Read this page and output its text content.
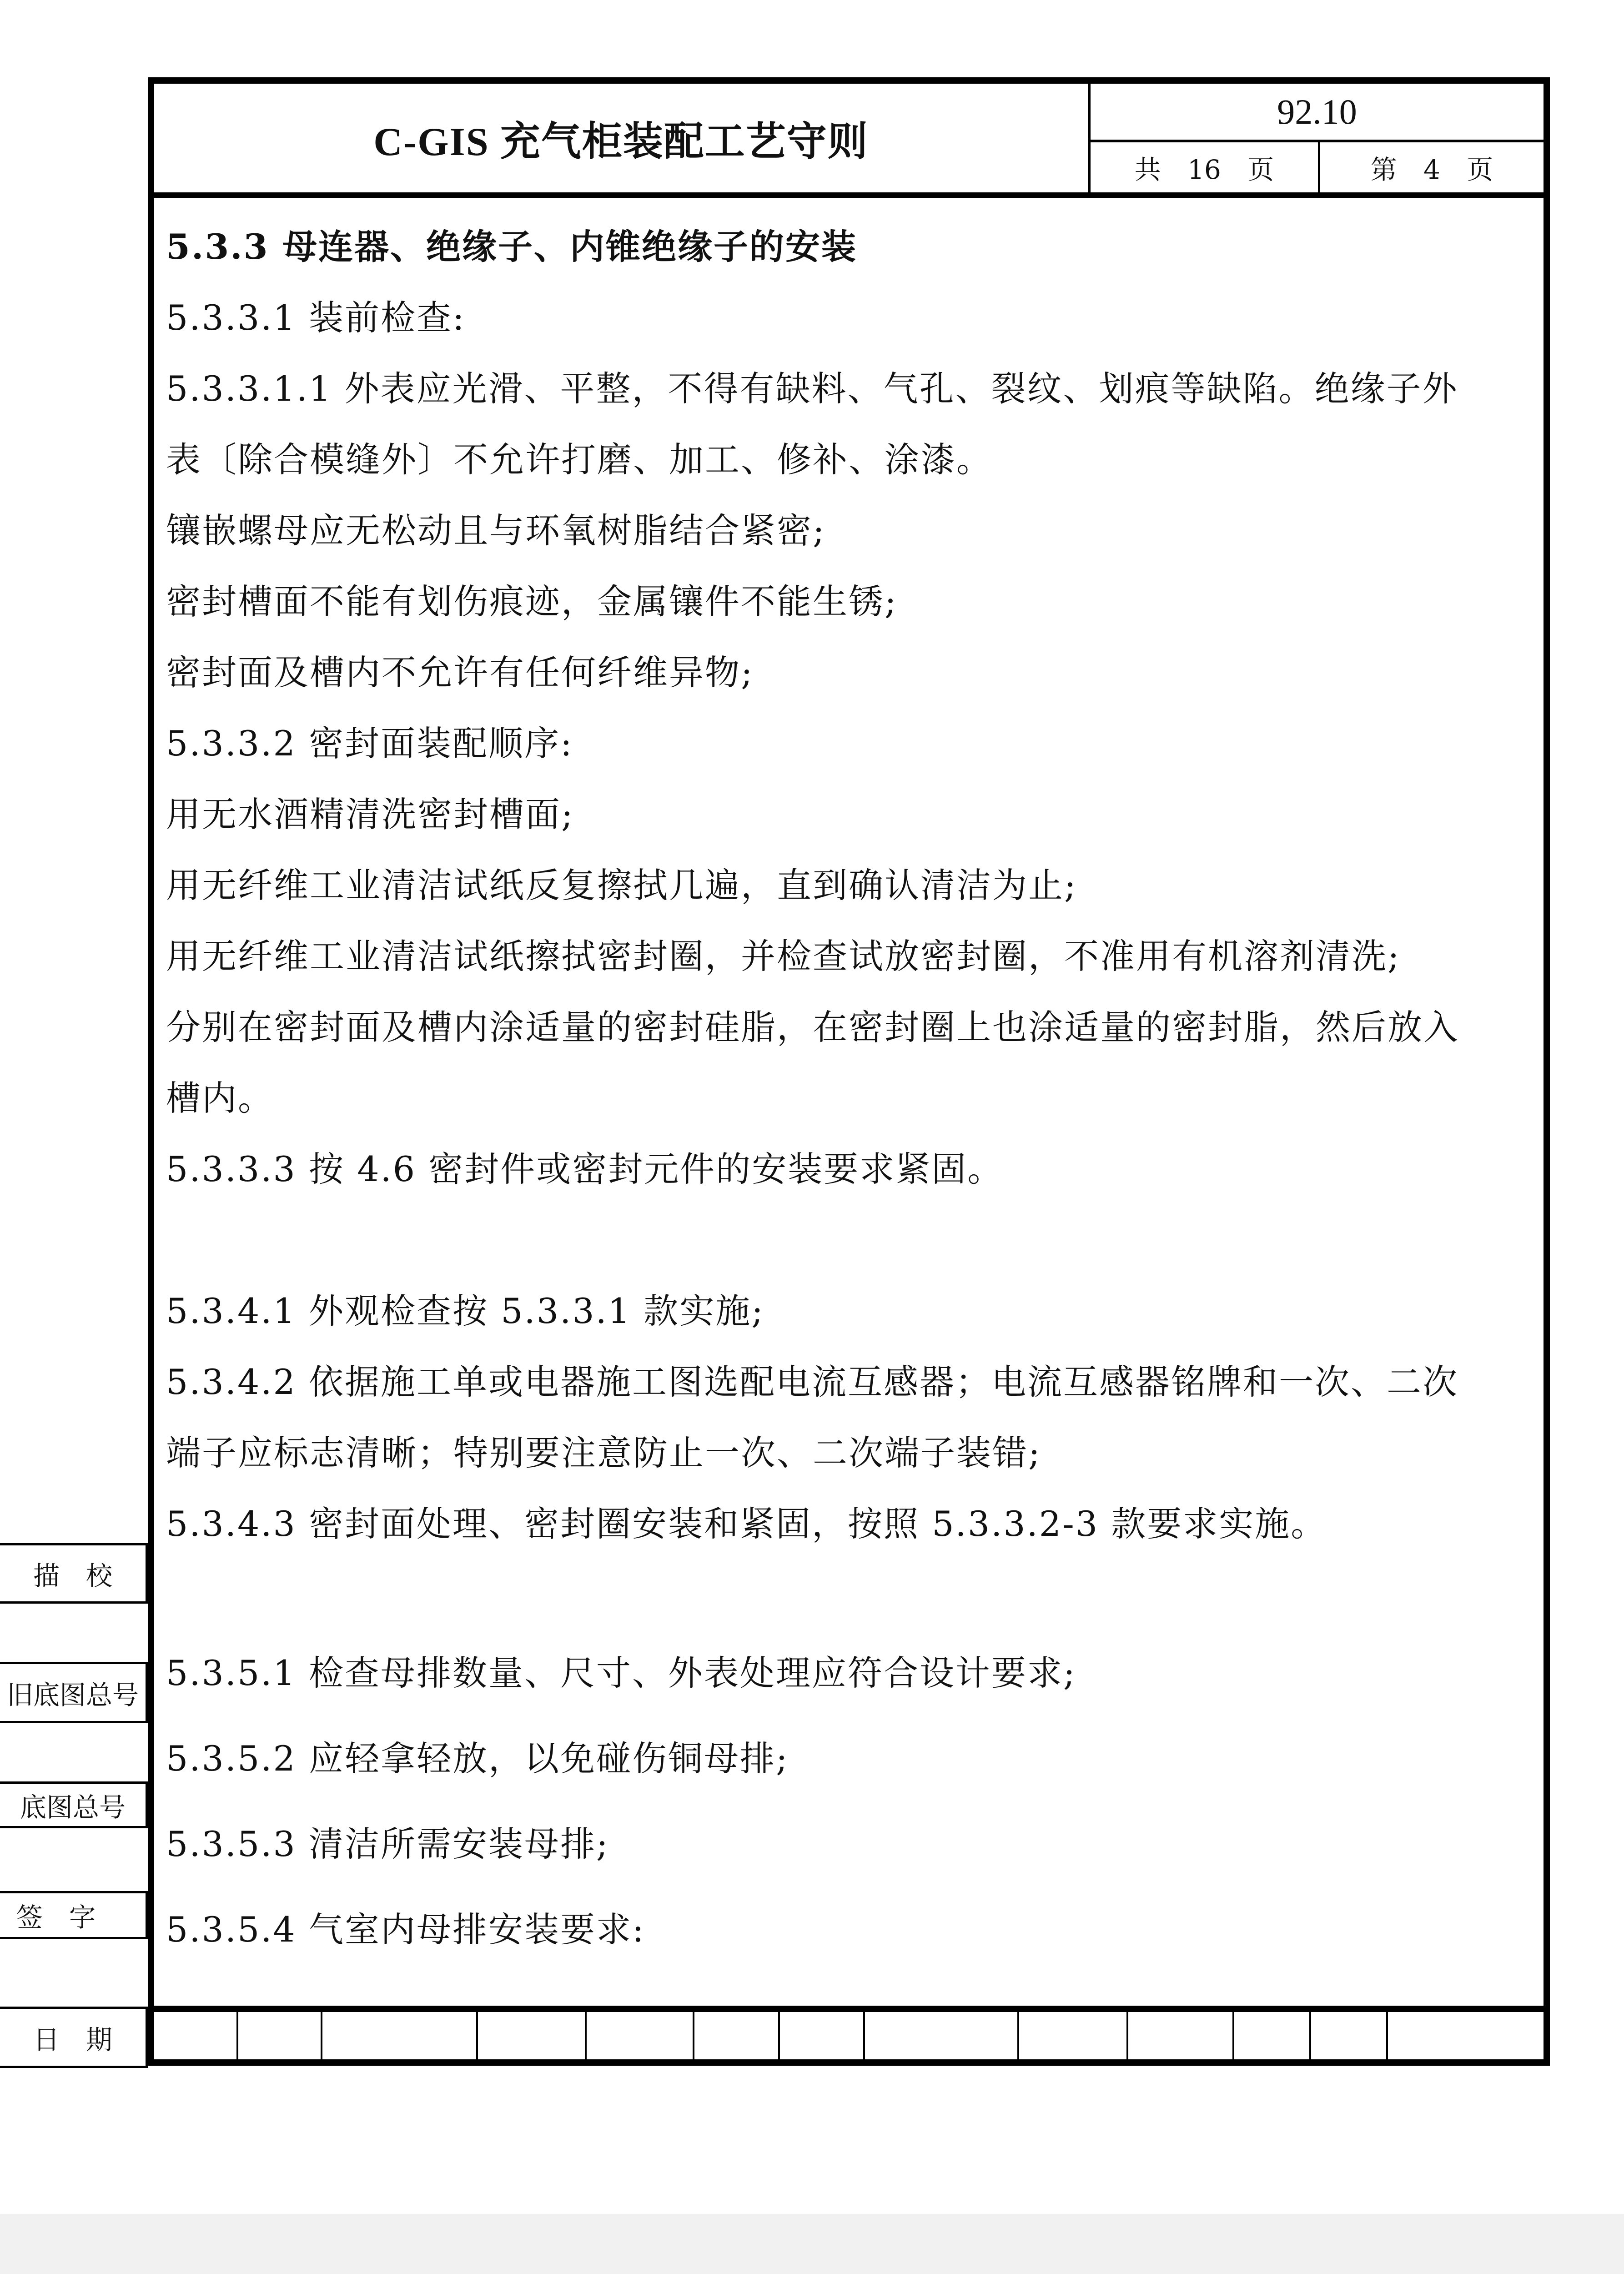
C-GIS 充气柜装配工艺守则
92.10
共 16 页	第 4 页
5.3.3 母连器、绝缘子、内锥绝缘子的安装
5.3.3.1 装前检查:
5.3.3.1.1 外表应光滑、平整，不得有缺料、气孔、裂纹、划痕等缺陷。绝缘子外
表〔除合模缝外〕不允许打磨、加工、修补、涂漆。
镶嵌螺母应无松动且与环氧树脂结合紧密;
密封槽面不能有划伤痕迹，金属镶件不能生锈;
密封面及槽内不允许有任何纤维异物;
5.3.3.2 密封面装配顺序:
用无水酒精清洗密封槽面;
用无纤维工业清洁试纸反复擦拭几遍，直到确认清洁为止;
用无纤维工业清洁试纸擦拭密封圈，并检查试放密封圈，不准用有机溶剂清洗;
分别在密封面及槽内涂适量的密封硅脂，在密封圈上也涂适量的密封脂，然后放入
槽内。
5.3.3.3 按 4.6 密封件或密封元件的安装要求紧固。
5.3.4.1 外观检查按 5.3.3.1 款实施;
5.3.4.2 依据施工单或电器施工图选配电流互感器；电流互感器铭牌和一次、二次
端子应标志清晰；特别要注意防止一次、二次端子装错;
5.3.4.3 密封面处理、密封圈安装和紧固，按照 5.3.3.2-3 款要求实施。
5.3.5.1 检查母排数量、尺寸、外表处理应符合设计要求;
5.3.5.2 应轻拿轻放，以免碰伤铜母排;
5.3.5.3 清洁所需安装母排;
5.3.5.4 气室内母排安装要求:
描　校
旧底图总号
底图总号
签　字
日　期
